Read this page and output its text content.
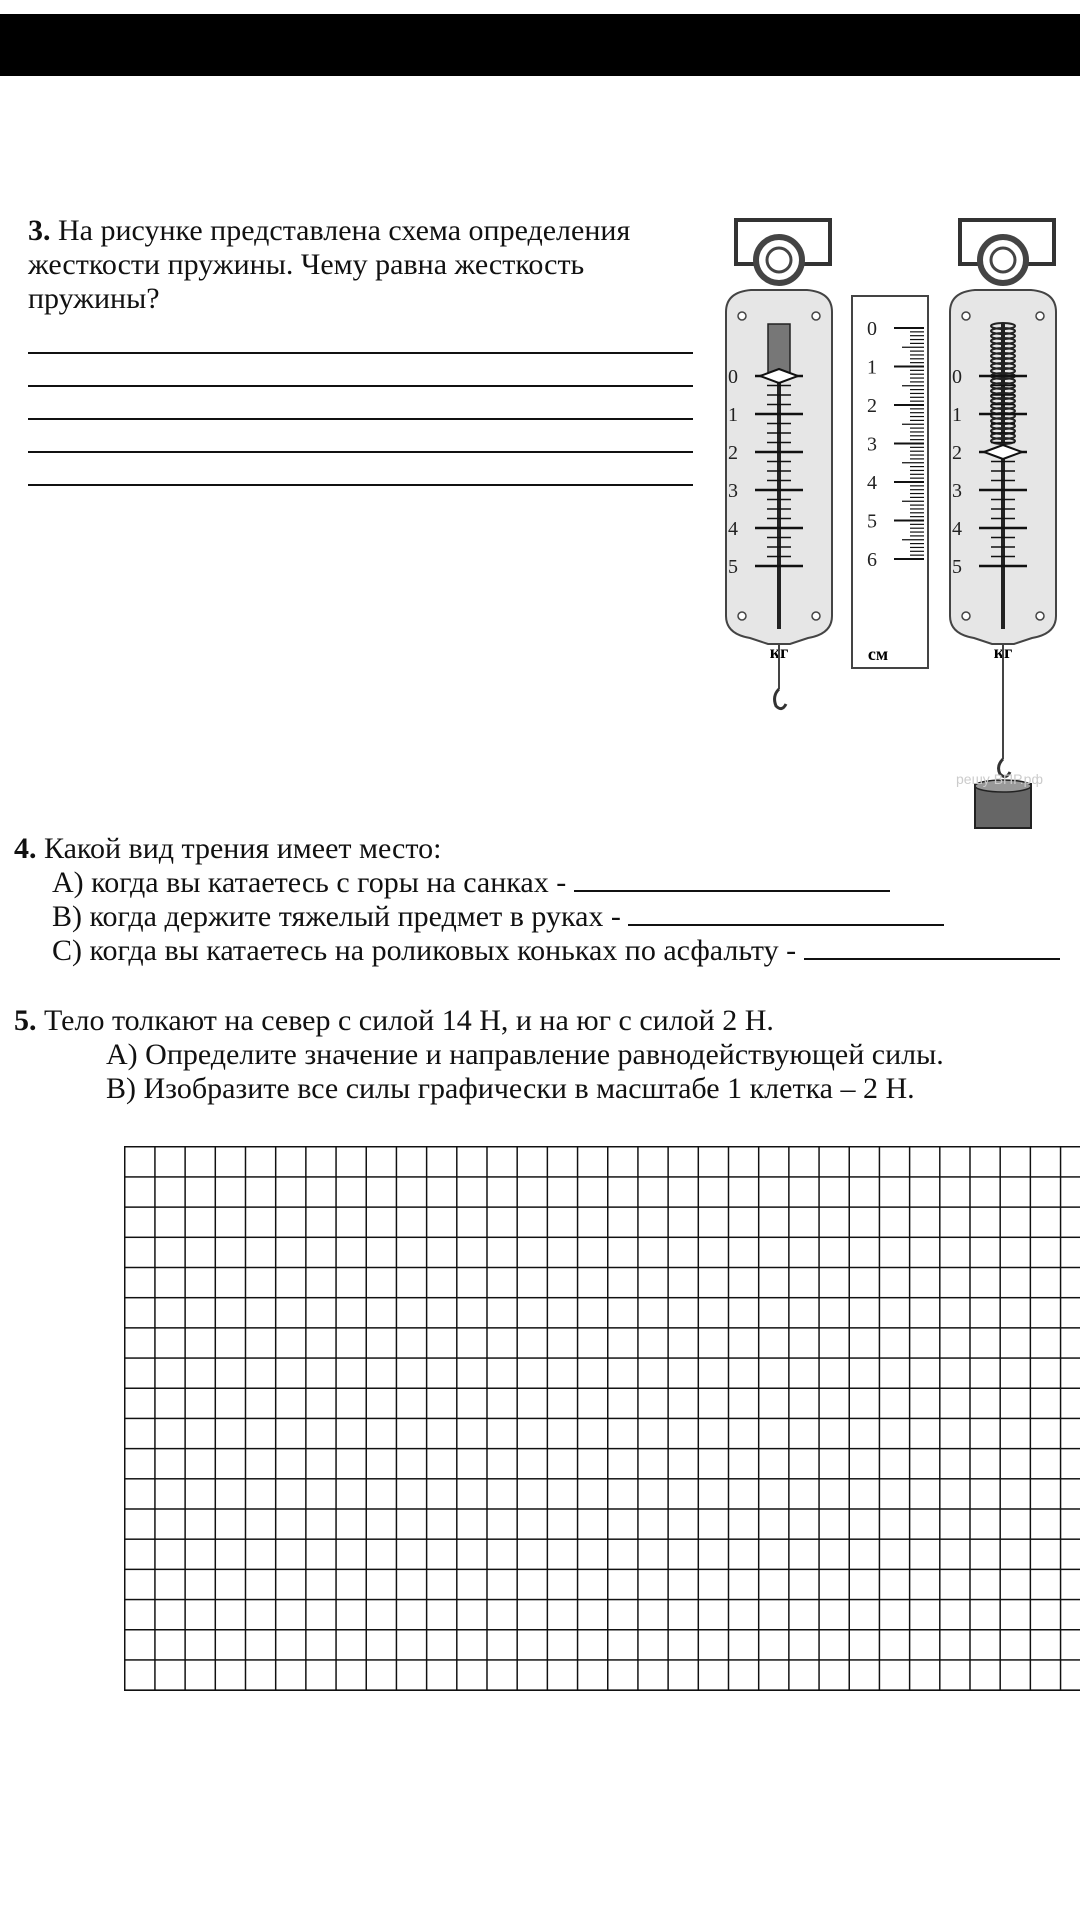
3. На рисунке представлена схема определения жесткости пружины. Чему равна жесткость пружины?
0
1
2
3
4
5
кг
0
1
2
3
4
5
6
см
0
1
2
3
4
5
кг
решу ВПР.рф
4. Какой вид трения имеет место:
А) когда вы катаетесь с горы на санках -
В) когда держите тяжелый предмет в руках -
С) когда вы катаетесь на роликовых коньках по асфальту -
5. Тело толкают на север с силой 14 Н, и на юг с силой 2 Н.
А) Определите значение и направление равнодействующей силы.
В) Изобразите все силы графически в масштабе 1 клетка – 2 Н.
